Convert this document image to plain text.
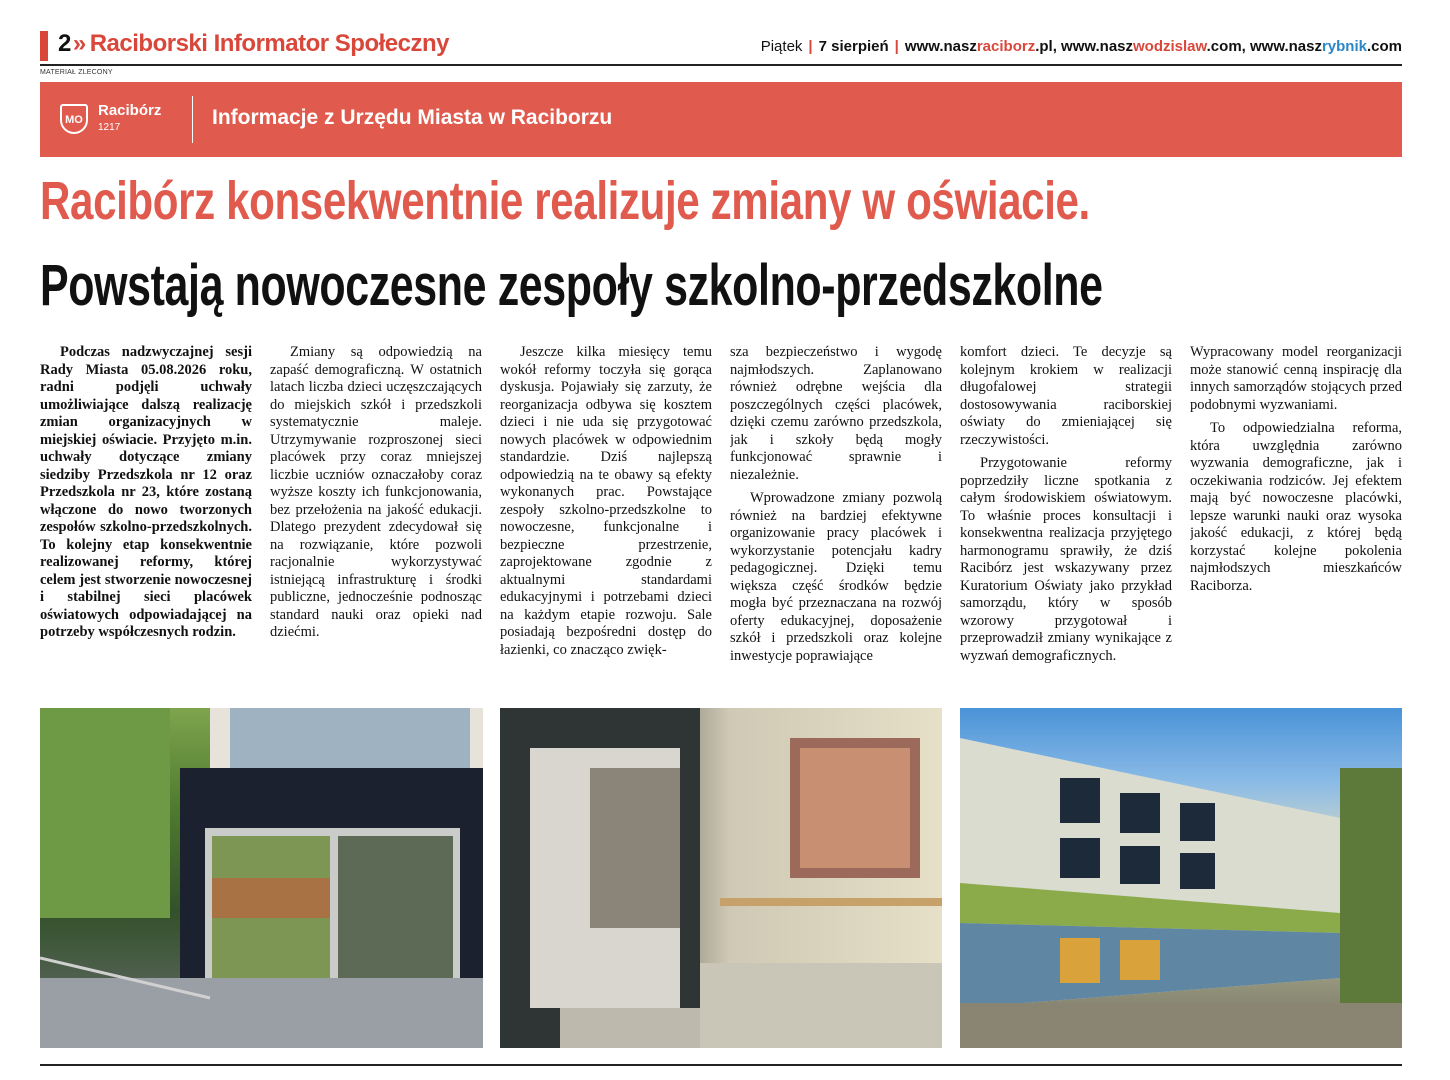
2» Raciborski Informator Społeczny	Piątek | 7 sierpień | www.naszraciborz.pl, www.naszwodzislaw.com, www.naszrybnik.com
MATERIAŁ ZLECONY
MO
Racibórz
1217	Informacje z Urzędu Miasta w Raciborzu
Racibórz konsekwentnie realizuje zmiany w oświacie.
Powstają nowoczesne zespoły szkolno-przedszkolne

Podczas nadzwyczajnej sesji Rady Miasta 05.08.2026 roku, radni podjęli uchwały umożliwiające dalszą realizację zmian organizacyjnych w miejskiej oświacie. Przyjęto m.in. uchwały dotyczące zmiany siedziby Przedszkola nr 12 oraz Przedszkola nr 23, które zostaną włączone do nowo tworzonych zespołów szkolno-przedszkolnych. To kolejny etap konsekwentnie realizowanej reformy, której celem jest stworzenie nowoczesnej i stabilnej sieci placówek oświatowych odpowiadającej na potrzeby współczesnych rodzin.

Zmiany są odpowiedzią na zapaść demograficzną. W ostatnich latach liczba dzieci uczęszczających do miejskich szkół i przedszkoli systematycznie maleje. Utrzymywanie rozproszonej sieci placówek przy coraz mniejszej liczbie uczniów oznaczałoby coraz wyższe koszty ich funkcjonowania, bez przełożenia na jakość edukacji. Dlatego prezydent zdecydował się na rozwiązanie, które pozwoli racjonalnie wykorzystywać istniejącą infrastrukturę i środki publiczne, jednocześnie podnosząc standard nauki oraz opieki nad dziećmi.

Jeszcze kilka miesięcy temu wokół reformy toczyła się gorąca dyskusja. Pojawiały się zarzuty, że reorganizacja odbywa się kosztem dzieci i nie uda się przygotować nowych placówek w odpowiednim standardzie. Dziś najlepszą odpowiedzią na te obawy są efekty wykonanych prac. Powstające zespoły szkolno-przedszkolne to nowoczesne, funkcjonalne i bezpieczne przestrzenie, zaprojektowane zgodnie z aktualnymi standardami edukacyjnymi i potrzebami dzieci na każdym etapie rozwoju. Sale posiadają bezpośredni dostęp do łazienki, co znacząco zwięk-

sza bezpieczeństwo i wygodę najmłodszych. Zaplanowano również odrębne wejścia dla poszczególnych części placówek, dzięki czemu zarówno przedszkola, jak i szkoły będą mogły funkcjonować sprawnie i niezależnie.

Wprowadzone zmiany pozwolą również na bardziej efektywne organizowanie pracy placówek i wykorzystanie potencjału kadry pedagogicznej. Dzięki temu większa część środków będzie mogła być przeznaczana na rozwój oferty edukacyjnej, doposażenie szkół i przedszkoli oraz kolejne inwestycje poprawiające

komfort dzieci. Te decyzje są kolejnym krokiem w realizacji długofalowej strategii dostosowywania raciborskiej oświaty do zmieniającej się rzeczywistości.

Przygotowanie reformy poprzedziły liczne spotkania z całym środowiskiem oświatowym. To właśnie proces konsultacji i konsekwentna realizacja przyjętego harmonogramu sprawiły, że dziś Racibórz jest wskazywany przez Kuratorium Oświaty jako przykład samorządu, który w sposób wzorowy przygotował i przeprowadził zmiany wynikające z wyzwań demograficznych.

Wypracowany model reorganizacji może stanowić cenną inspirację dla innych samorządów stojących przed podobnymi wyzwaniami.

To odpowiedzialna reforma, która uwzględnia zarówno wyzwania demograficzne, jak i oczekiwania rodziców. Jej efektem mają być nowoczesne placówki, lepsze warunki nauki oraz wysoka jakość edukacji, z której będą korzystać kolejne pokolenia najmłodszych mieszkańców Raciborza.
